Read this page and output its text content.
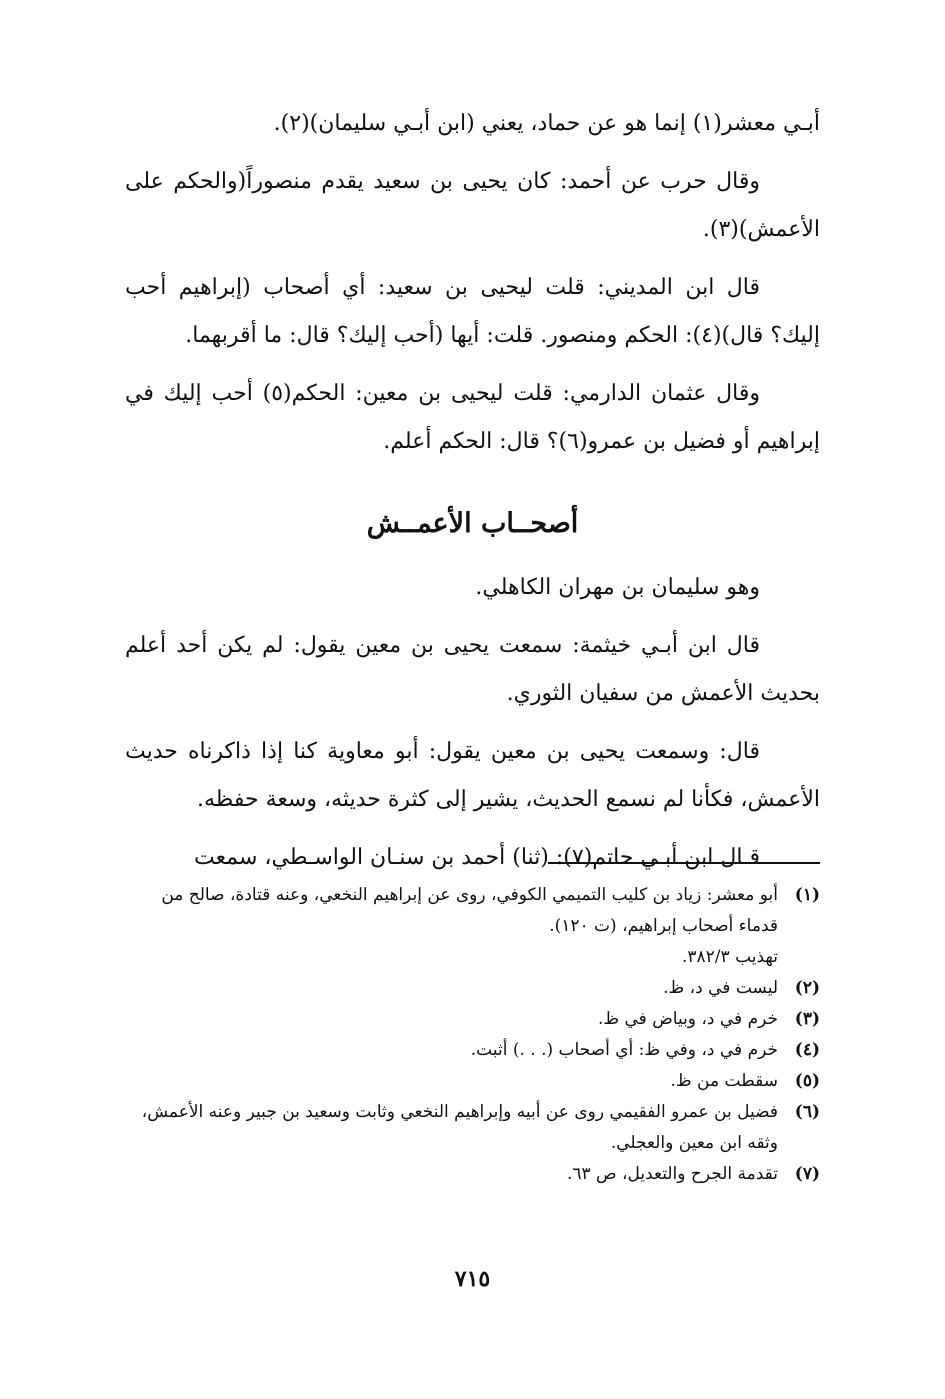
أبـي معشر(١) إنما هو عن حماد، يعني (ابن أبـي سليمان)(٢).

وقال حرب عن أحمد: كان يحيى بن سعيد يقدم منصوراً(والحكم على الأعمش)(٣).

قال ابن المديني: قلت ليحيى بن سعيد: أي أصحاب (إبراهيم أحب إليك؟ قال)(٤): الحكم ومنصور. قلت: أيها (أحب إليك؟ قال: ما أقربهما.

وقال عثمان الدارمي: قلت ليحيى بن معين: الحكم(٥) أحب إليك في إبراهيم أو فضيل بن عمرو(٦)؟ قال: الحكم أعلم.

أصحــاب الأعمــش

وهو سليمان بن مهران الكاهلي.

قال ابن أبـي خيثمة: سمعت يحيى بن معين يقول: لم يكن أحد أعلم بحديث الأعمش من سفيان الثوري.

قال: وسمعت يحيى بن معين يقول: أبو معاوية كنا إذا ذاكرناه حديث الأعمش، فكأنا لم نسمع الحديث، يشير إلى كثرة حديثه، وسعة حفظه.

قـال ابن أبـي حاتم(٧): (ثنا) أحمد بن سنـان الواسـطي، سمعت

(١)
أبو معشر: زياد بن كليب التميمي الكوفي، روى عن إبراهيم النخعي، وعنه قتادة، صالح من قدماء أصحاب إبراهيم، (ت ١٢٠).
تهذيب ٣٨٢/٣.
(٢)
ليست في د، ظ.
(٣)
خرم في د، وبياض في ظ.
(٤)
خرم في د، وفي ظ: أي أصحاب (. . .) أثبت.
(٥)
سقطت من ظ.
(٦)
فضيل بن عمرو الفقيمي روى عن أبيه وإبراهيم النخعي وثابت وسعيد بن جبير وعنه الأعمش، وثقه ابن معين والعجلي.
(٧)
تقدمة الجرح والتعديل، ص ٦٣.
٧١٥
